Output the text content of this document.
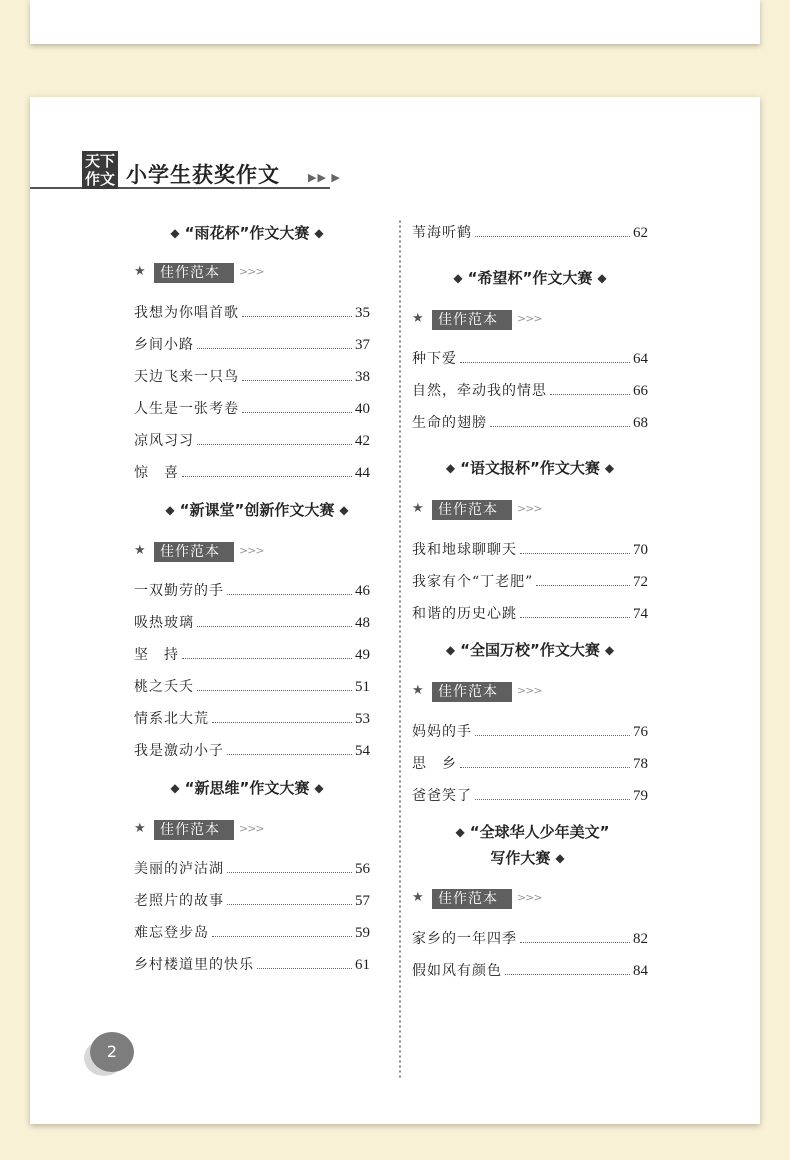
天下
作文 小学生获奖作文	▶▶ ▶
◆ “雨花杯”作文大赛 ◆
★	佳作范本	>>>
我想为你唱首歌	35
乡间小路	37
天边飞来一只鸟	38
人生是一张考卷	40
凉风习习	42
惊　喜	44
◆ “新课堂”创新作文大赛 ◆
★	佳作范本	>>>
一双勤劳的手	46
吸热玻璃	48
坚　持	49
桃之夭夭	51
情系北大荒	53
我是激动小子	54
◆ “新思维”作文大赛 ◆
★	佳作范本	>>>
美丽的泸沽湖	56
老照片的故事	57
难忘登步岛	59
乡村楼道里的快乐	61
苇海听鹤	62
◆ “希望杯”作文大赛 ◆
★	佳作范本	>>>
种下爱	64
自然，牵动我的情思	66
生命的翅膀	68
◆ “语文报杯”作文大赛 ◆
★	佳作范本	>>>
我和地球聊聊天	70
我家有个“丁老肥”	72
和谐的历史心跳	74
◆ “全国万校”作文大赛 ◆
★	佳作范本	>>>
妈妈的手	76
思　乡	78
爸爸笑了	79
◆ “全球华人少年美文”
写作大赛 ◆
★	佳作范本	>>>
家乡的一年四季	82
假如风有颜色	84
2
